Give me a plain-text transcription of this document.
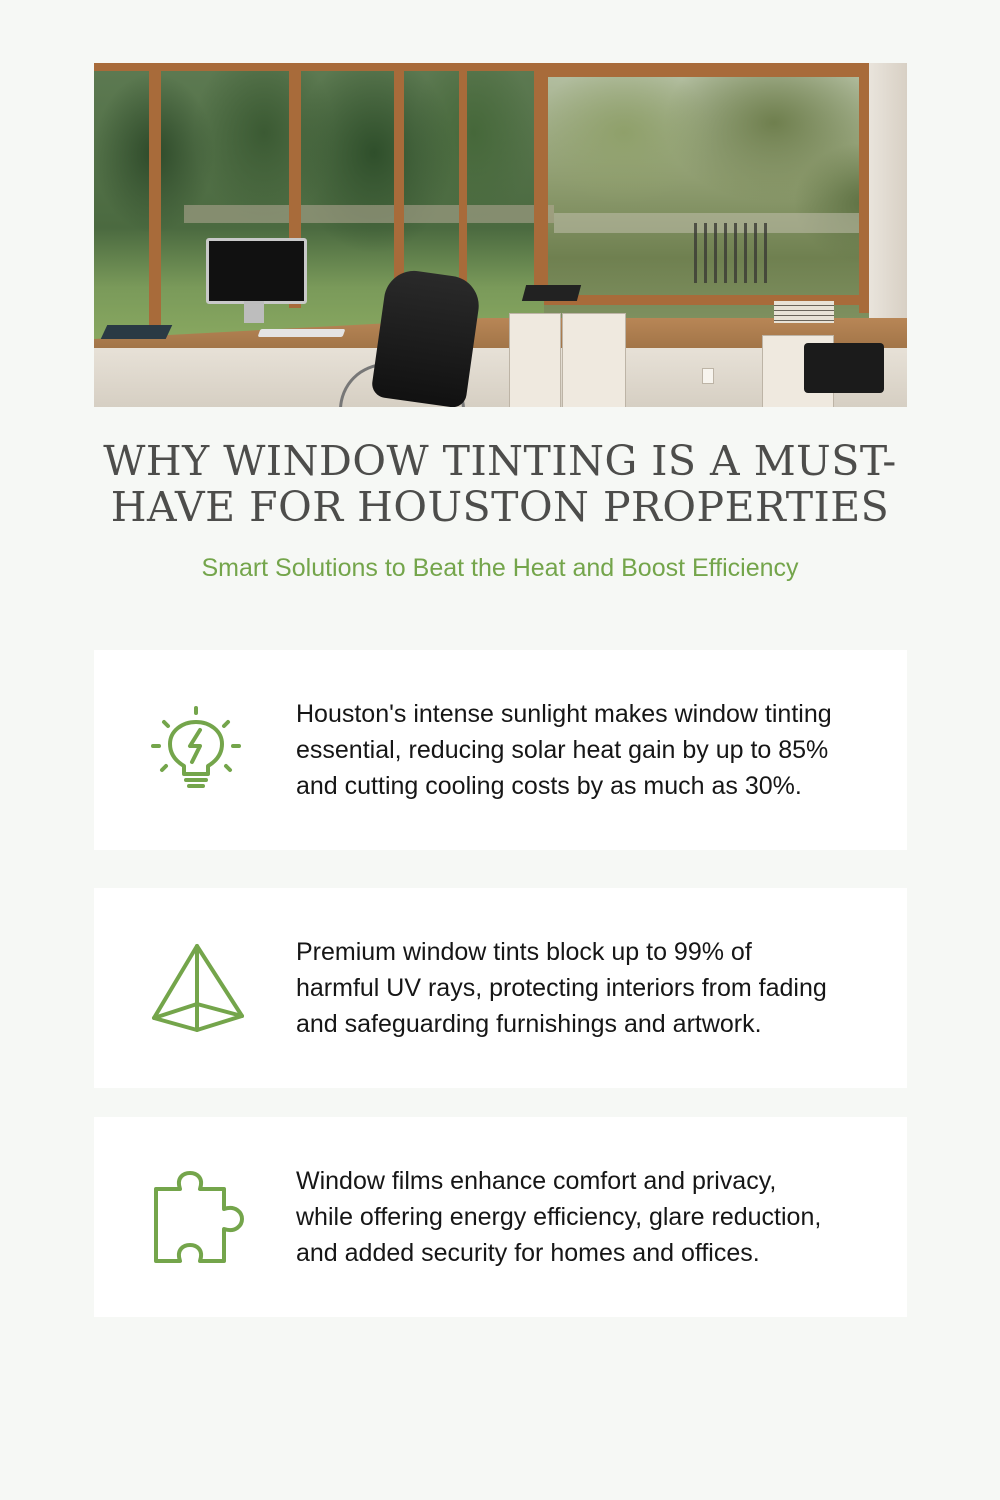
WHY WINDOW TINTING IS A MUST-HAVE FOR HOUSTON PROPERTIES

Smart Solutions to Beat the Heat and Boost Efficiency

Houston's intense sunlight makes window tinting essential, reducing solar heat gain by up to 85% and cutting cooling costs by as much as 30%.

Premium window tints block up to 99% of harmful UV rays, protecting interiors from fading and safeguarding furnishings and artwork.

Window films enhance comfort and privacy, while offering energy efficiency, glare reduction, and added security for homes and offices.
